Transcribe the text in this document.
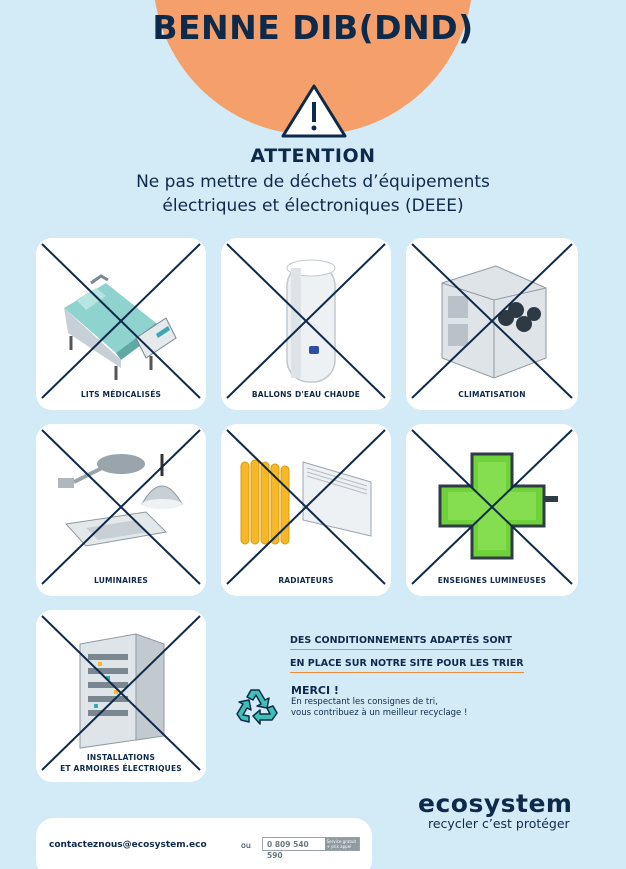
BENNE DIB(DND)
ATTENTION
Ne pas mettre de déchets d’équipements
électriques et électroniques (DEEE)
LITS MÉDICALISÉS	BALLONS D'EAU CHAUDE	CLIMATISATION
LUMINAIRES	RADIATEURS	ENSEIGNES LUMINEUSES
INSTALLATIONS
ET ARMOIRES ÉLECTRIQUES
DES CONDITIONNEMENTS ADAPTÉS SONT
EN PLACE SUR NOTRE SITE POUR LES TRIER
MERCI !
En respectant les consignes de tri,
vous contribuez à un meilleur recyclage !
ecosystem
recycler c’est protéger
contacteznous@ecosystem.eco	ou	0 809 540 590
Service gratuit + prix appel
